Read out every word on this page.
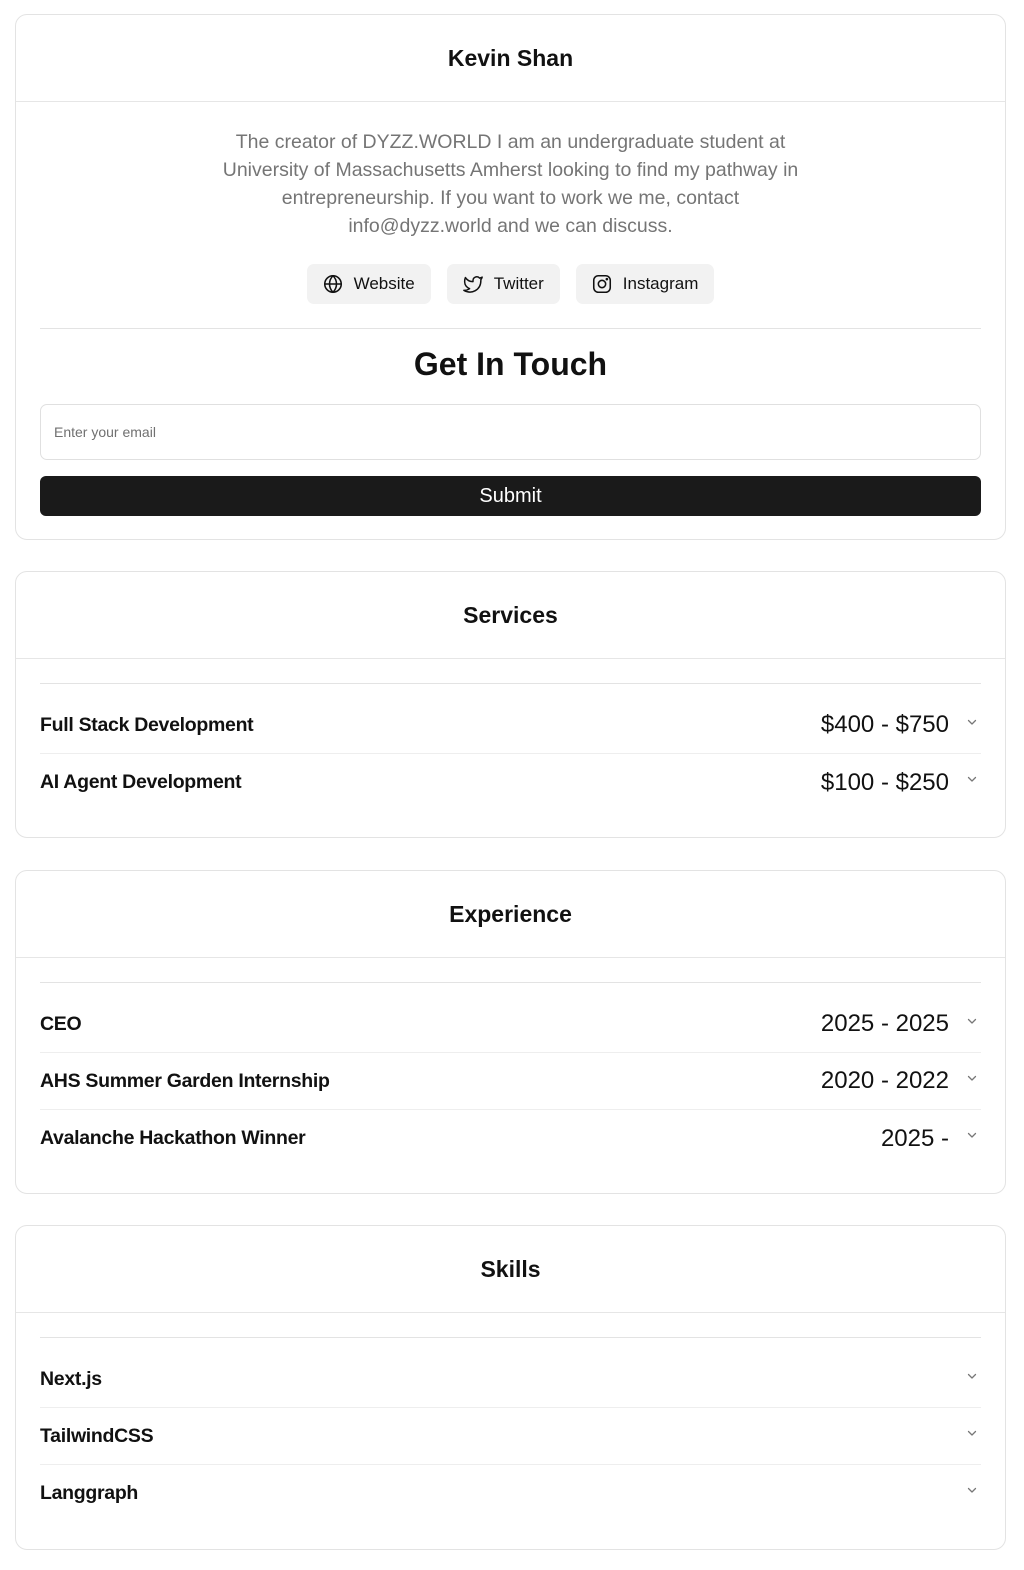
Kevin Shan

The creator of DYZZ.WORLD I am an undergraduate student at University of Massachusetts Amherst looking to find my pathway in entrepreneurship. If you want to work we me, contact info@dyzz.world and we can discuss.

Website	Twitter	Instagram
Get In Touch
Enter your email
Submit
Services
Full Stack Development	$400 - $750
AI Agent Development	$100 - $250
Experience
CEO	2025 - 2025
AHS Summer Garden Internship	2020 - 2022
Avalanche Hackathon Winner	2025 -
Skills
Next.js
TailwindCSS
Langgraph
